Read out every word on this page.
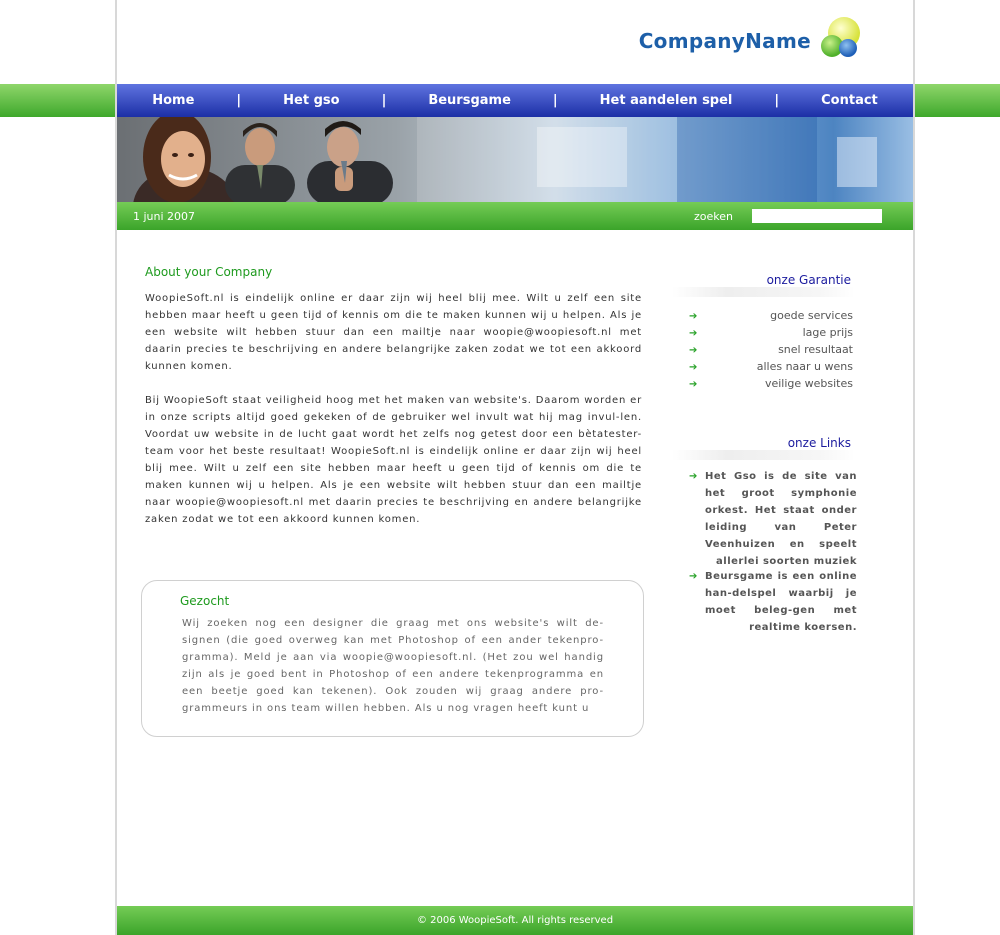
CompanyName
Home	|	Het gso	|	Beursgame	|	Het aandelen spel	|	Contact
1 juni 2007	zoeken
About your Company

WoopieSoft.nl is eindelijk online er daar zijn wij heel blij mee. Wilt u zelf een site hebben maar heeft u geen tijd of kennis om die te maken kunnen wij u helpen. Als je een website wilt hebben stuur dan een mailtje naar woopie@woopiesoft.nl met daarin precies te beschrijving en andere belangrijke zaken zodat we tot een akkoord kunnen komen.

Bij WoopieSoft staat veiligheid hoog met het maken van website's. Daarom worden er in onze scripts altijd goed gekeken of de gebruiker wel invult wat hij mag invul-len. Voordat uw website in de lucht gaat wordt het zelfs nog getest door een bètatester-team voor het beste resultaat! WoopieSoft.nl is eindelijk online er daar zijn wij heel blij mee. Wilt u zelf een site hebben maar heeft u geen tijd of kennis om die te maken kunnen wij u helpen. Als je een website wilt hebben stuur dan een mailtje naar woopie@woopiesoft.nl met daarin precies te beschrijving en andere belangrijke zaken zodat we tot een akkoord kunnen komen.

Gezocht

Wij zoeken nog een designer die graag met ons website's wilt de-signen (die goed overweg kan met Photoshop of een ander tekenpro-gramma). Meld je aan via woopie@woopiesoft.nl. (Het zou wel handig zijn als je goed bent in Photoshop of een andere tekenprogramma en een beetje goed kan tekenen). Ook zouden wij graag andere pro-grammeurs in ons team willen hebben. Als u nog vragen heeft kunt u

onze Garantie
➔	goede services
➔	lage prijs
➔	snel resultaat
➔	alles naar u wens
➔	veilige websites
onze Links
➔ Het Gso is de site van het groot symphonie orkest. Het staat onder leiding van Peter Veenhuizen en speelt allerlei soorten muziek
➔ Beursgame is een online han-delspel waarbij je moet beleg-gen met realtime koersen.
© 2006 WoopieSoft. All rights reserved
